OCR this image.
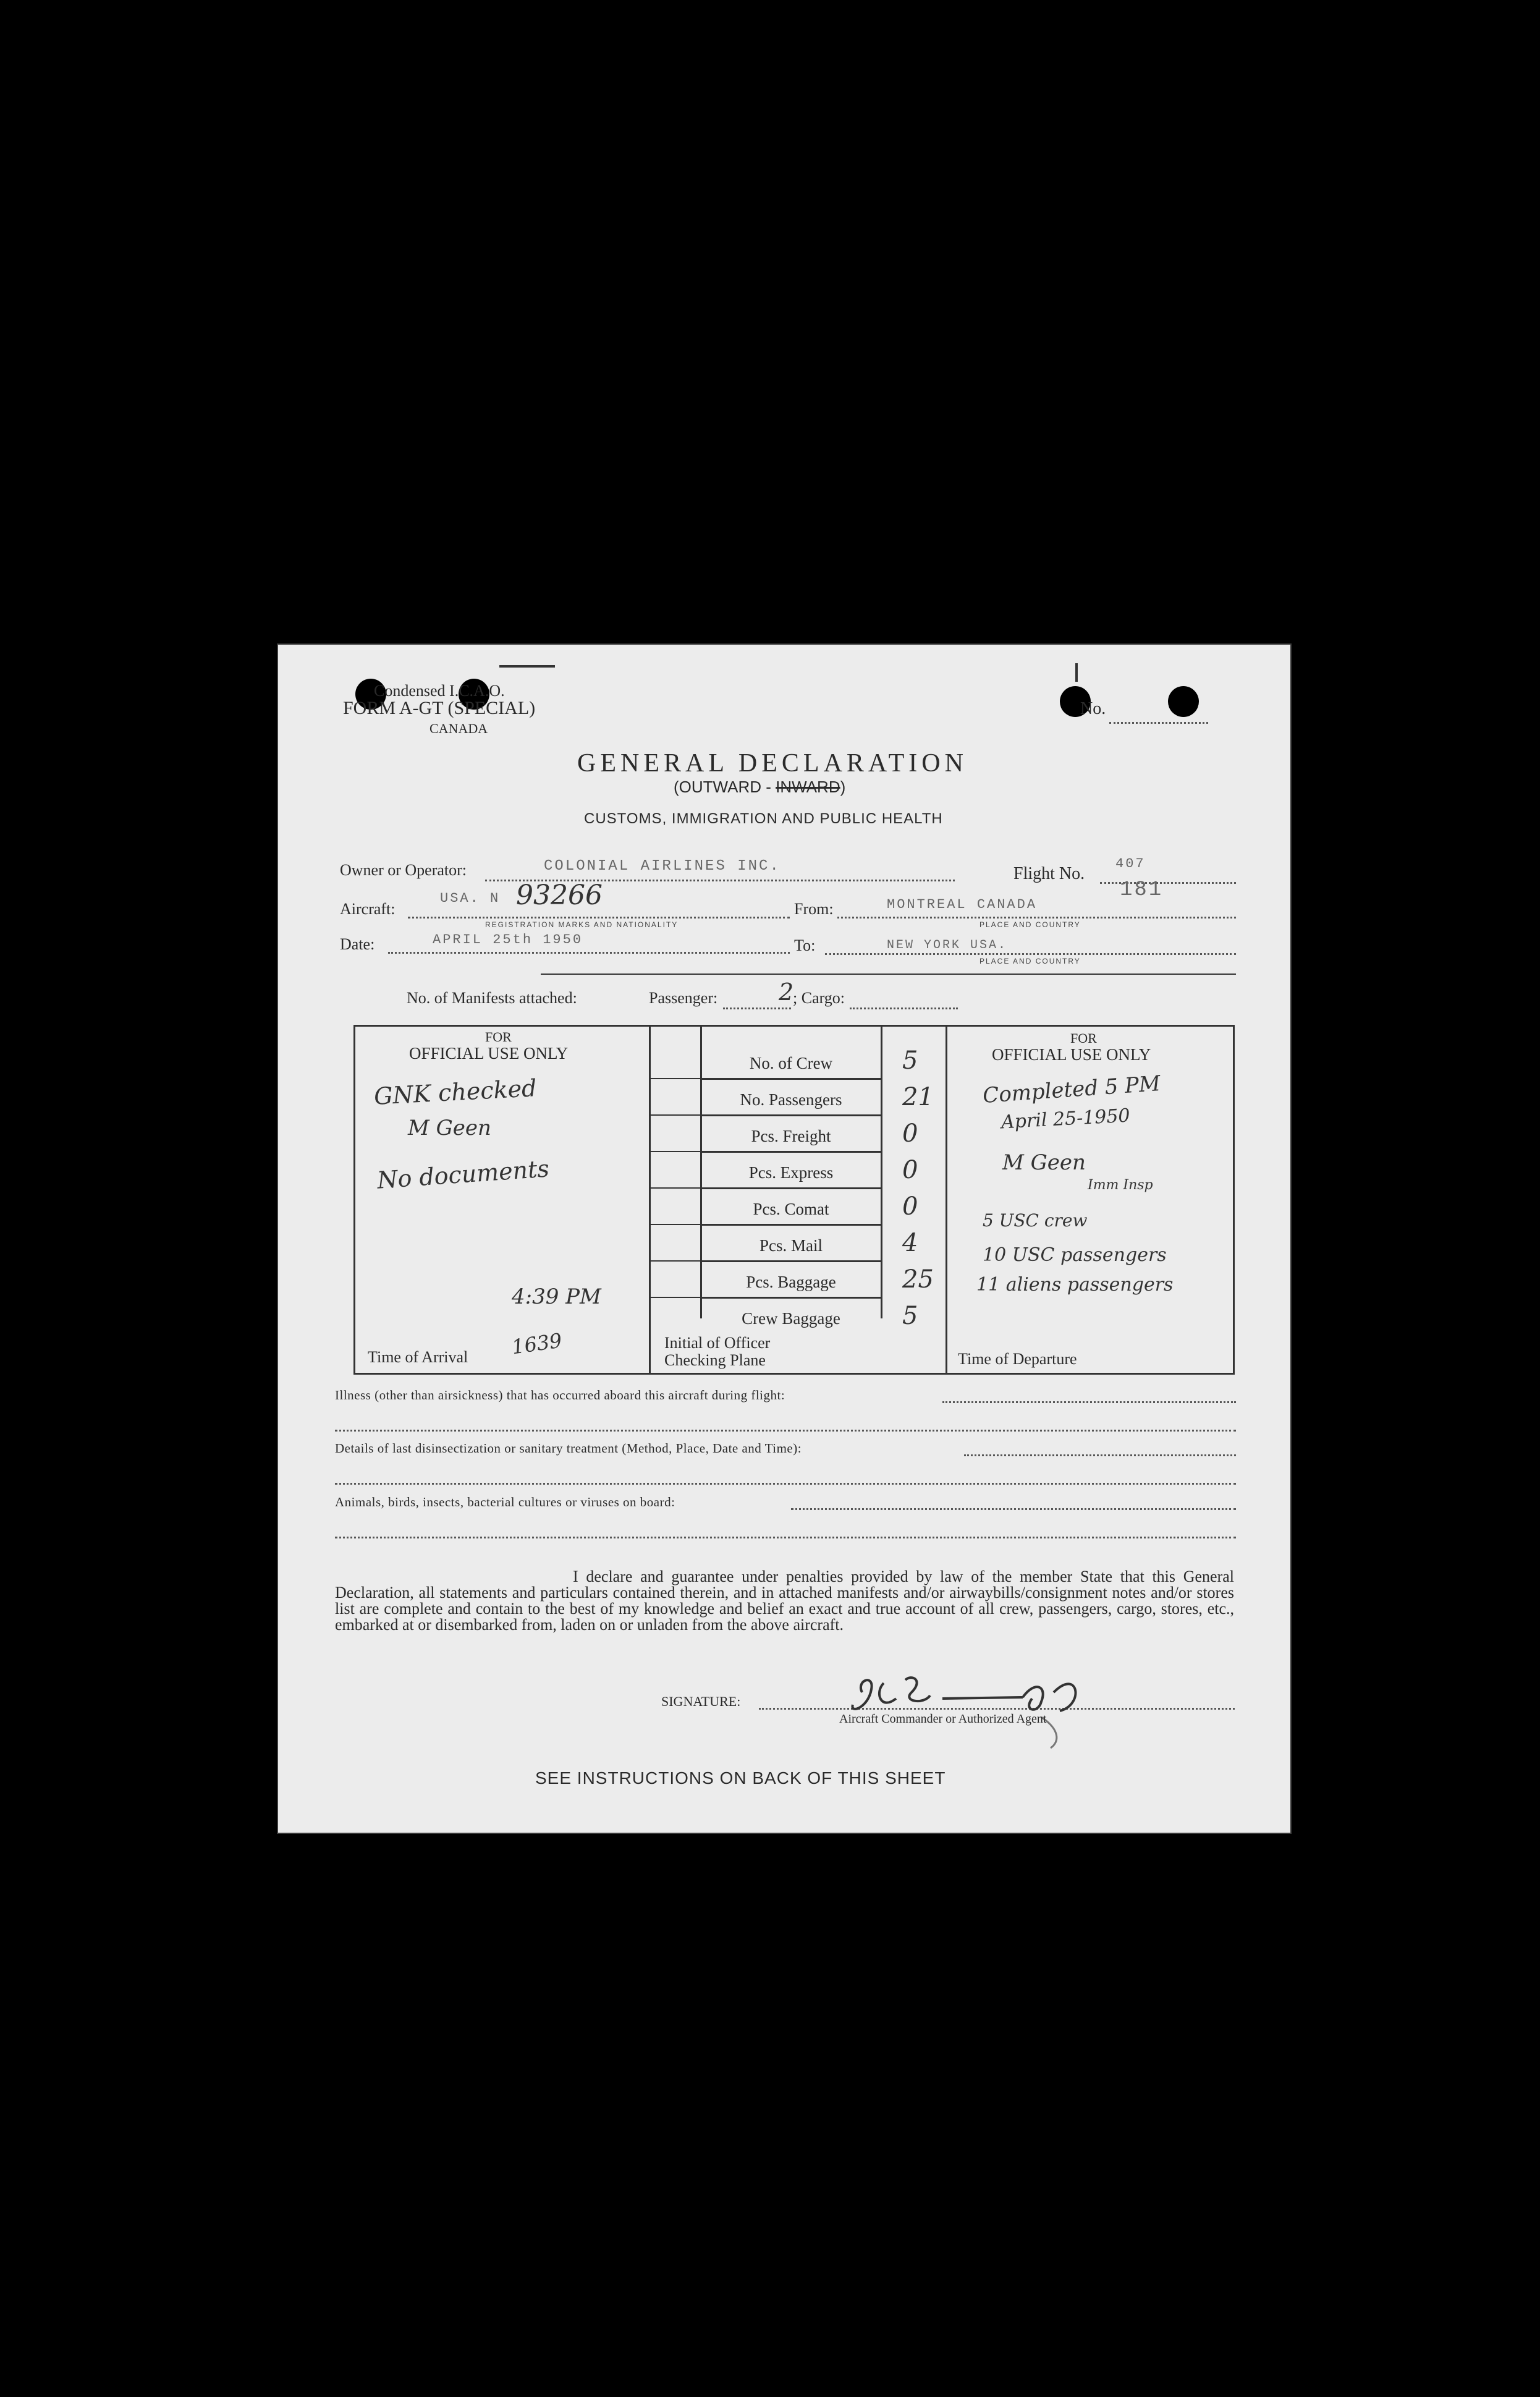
Condensed I.C.A.O.
FORM A-GT (SPECIAL)
CANADA
No.
GENERAL DECLARATION
(OUTWARD - INWARD)
CUSTOMS, IMMIGRATION AND PUBLIC HEALTH
Owner or Operator:	COLONIAL AIRLINES INC.	Flight No.
407
181
Aircraft:
USA. N 93266
REGISTRATION MARKS AND NATIONALITY
From:	MONTREAL CANADA
PLACE AND COUNTRY
Date:	APRIL 25th 1950	To:	NEW YORK USA.
PLACE AND COUNTRY
No. of Manifests attached:	Passenger:	2
; Cargo:
FOR
OFFICIAL USE ONLY
GNK checked
M Geen
No documents
4:39 PM
Time of Arrival 1639
No. of Crew	5
No. Passengers	21
Pcs. Freight	0
Pcs. Express	0
Pcs. Comat	0
Pcs. Mail	4
Pcs. Baggage	25
Crew Baggage	5
Initial of Officer
Checking Plane
FOR
OFFICIAL USE ONLY
Completed 5 PM
April 25-1950
M Geen
Imm Insp
5 USC crew
10 USC passengers
11 aliens passengers
Time of Departure
Illness (other than airsickness) that has occurred aboard this aircraft during flight:
Details of last disinsectization or sanitary treatment (Method, Place, Date and Time):
Animals, birds, insects, bacterial cultures or viruses on board:
I declare and guarantee under penalties provided by law of the member State that this General Declaration, all statements and particulars contained therein, and in attached manifests and/or airwaybills/consignment notes and/or stores list are complete and contain to the best of my knowledge and belief an exact and true account of all crew, passengers, cargo, stores, etc., embarked at or disembarked from, laden on or unladen from the above aircraft.
SIGNATURE:
Aircraft Commander or Authorized Agent
SEE INSTRUCTIONS ON BACK OF THIS SHEET
